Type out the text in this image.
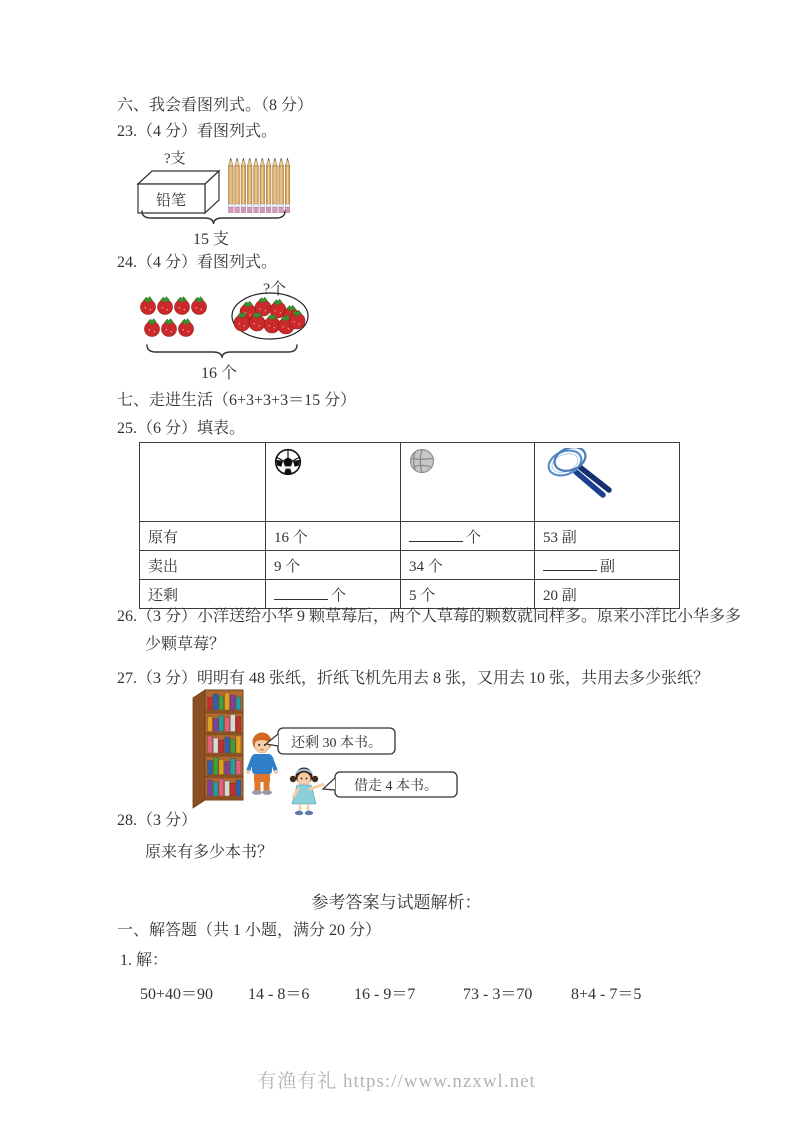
六、我会看图列式。（8 分）
23.（4 分）看图列式。
?支
铅笔
15 支
24.（4 分）看图列式。
?个
16 个
七、走进生活（6+3+3+3＝15 分）
25.（6 分）填表。

原有	16 个	个	53 副
卖出	9 个	34 个	副
还剩	个	5 个	20 副
26.（3 分）小洋送给小华 9 颗草莓后，两个人草莓的颗数就同样多。原来小洋比小华多多
少颗草莓？
27.（3 分）明明有 48 张纸，折纸飞机先用去 8 张，又用去 10 张，共用去多少张纸？
还剩 30 本书。
借走 4 本书。
28.（3 分）
原来有多少本书？
参考答案与试题解析：
一、解答题（共 1 小题，满分 20 分）
1. 解：
50+40＝90 14 - 8＝6	16 - 9＝7	73 - 3＝70 8+4 - 7＝5
有渔有礼 https://www.nzxwl.net
